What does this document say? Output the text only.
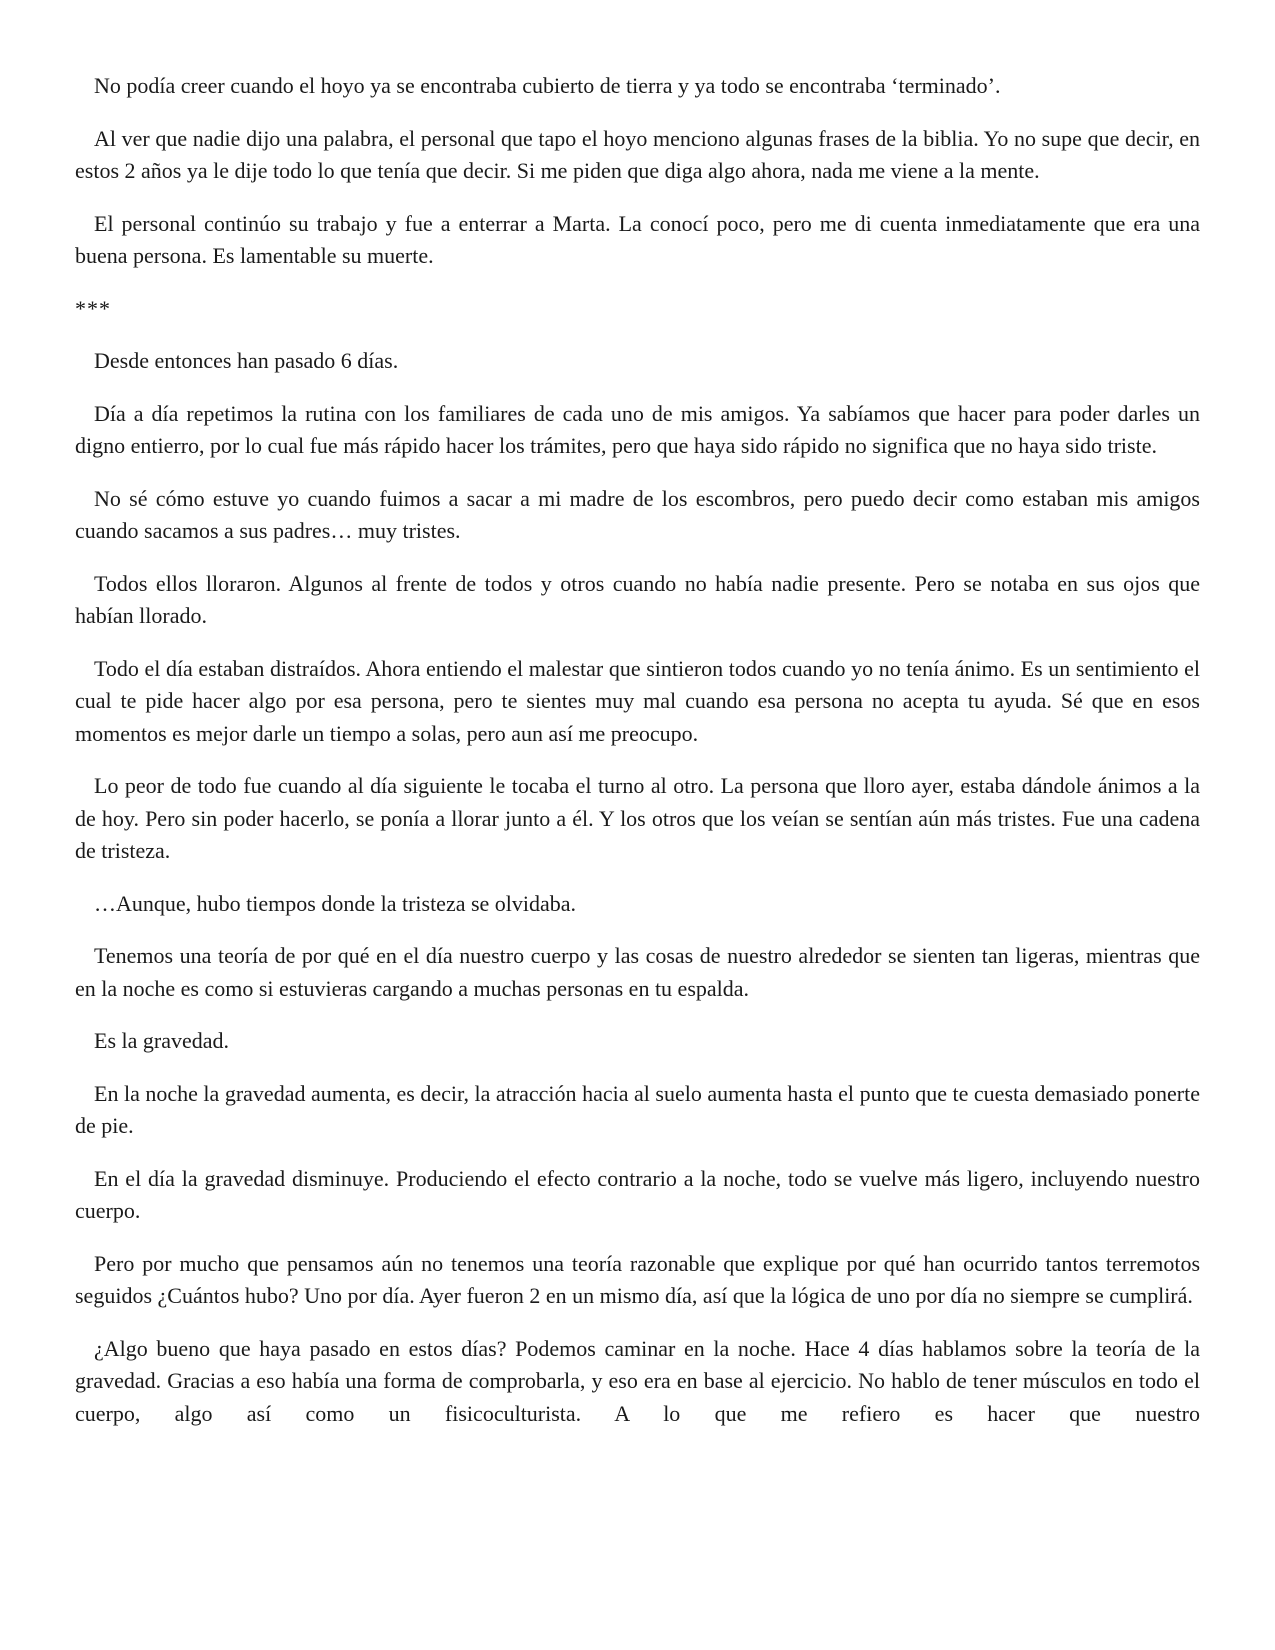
No podía creer cuando el hoyo ya se encontraba cubierto de tierra y ya todo se encontraba ‘terminado’.

Al ver que nadie dijo una palabra, el personal que tapo el hoyo menciono algunas frases de la biblia. Yo no supe que decir, en estos 2 años ya le dije todo lo que tenía que decir. Si me piden que diga algo ahora, nada me viene a la mente.

El personal continúo su trabajo y fue a enterrar a Marta. La conocí poco, pero me di cuenta inmediatamente que era una buena persona. Es lamentable su muerte.

***

Desde entonces han pasado 6 días.

Día a día repetimos la rutina con los familiares de cada uno de mis amigos. Ya sabíamos que hacer para poder darles un digno entierro, por lo cual fue más rápido hacer los trámites, pero que haya sido rápido no significa que no haya sido triste.

No sé cómo estuve yo cuando fuimos a sacar a mi madre de los escombros, pero puedo decir como estaban mis amigos cuando sacamos a sus padres… muy tristes.

Todos ellos lloraron. Algunos al frente de todos y otros cuando no había nadie presente. Pero se notaba en sus ojos que habían llorado.

Todo el día estaban distraídos. Ahora entiendo el malestar que sintieron todos cuando yo no tenía ánimo. Es un sentimiento el cual te pide hacer algo por esa persona, pero te sientes muy mal cuando esa persona no acepta tu ayuda. Sé que en esos momentos es mejor darle un tiempo a solas, pero aun así me preocupo.

Lo peor de todo fue cuando al día siguiente le tocaba el turno al otro. La persona que lloro ayer, estaba dándole ánimos a la de hoy. Pero sin poder hacerlo, se ponía a llorar junto a él. Y los otros que los veían se sentían aún más tristes. Fue una cadena de tristeza.

…Aunque, hubo tiempos donde la tristeza se olvidaba.

Tenemos una teoría de por qué en el día nuestro cuerpo y las cosas de nuestro alrededor se sienten tan ligeras, mientras que en la noche es como si estuvieras cargando a muchas personas en tu espalda.

Es la gravedad.

En la noche la gravedad aumenta, es decir, la atracción hacia al suelo aumenta hasta el punto que te cuesta demasiado ponerte de pie.

En el día la gravedad disminuye. Produciendo el efecto contrario a la noche, todo se vuelve más ligero, incluyendo nuestro cuerpo.

Pero por mucho que pensamos aún no tenemos una teoría razonable que explique por qué han ocurrido tantos terremotos seguidos ¿Cuántos hubo? Uno por día. Ayer fueron 2 en un mismo día, así que la lógica de uno por día no siempre se cumplirá.

¿Algo bueno que haya pasado en estos días? Podemos caminar en la noche. Hace 4 días hablamos sobre la teoría de la gravedad. Gracias a eso había una forma de comprobarla, y eso era en base al ejercicio. No hablo de tener músculos en todo el cuerpo, algo así como un fisicoculturista. A lo que me refiero es hacer que nuestro
